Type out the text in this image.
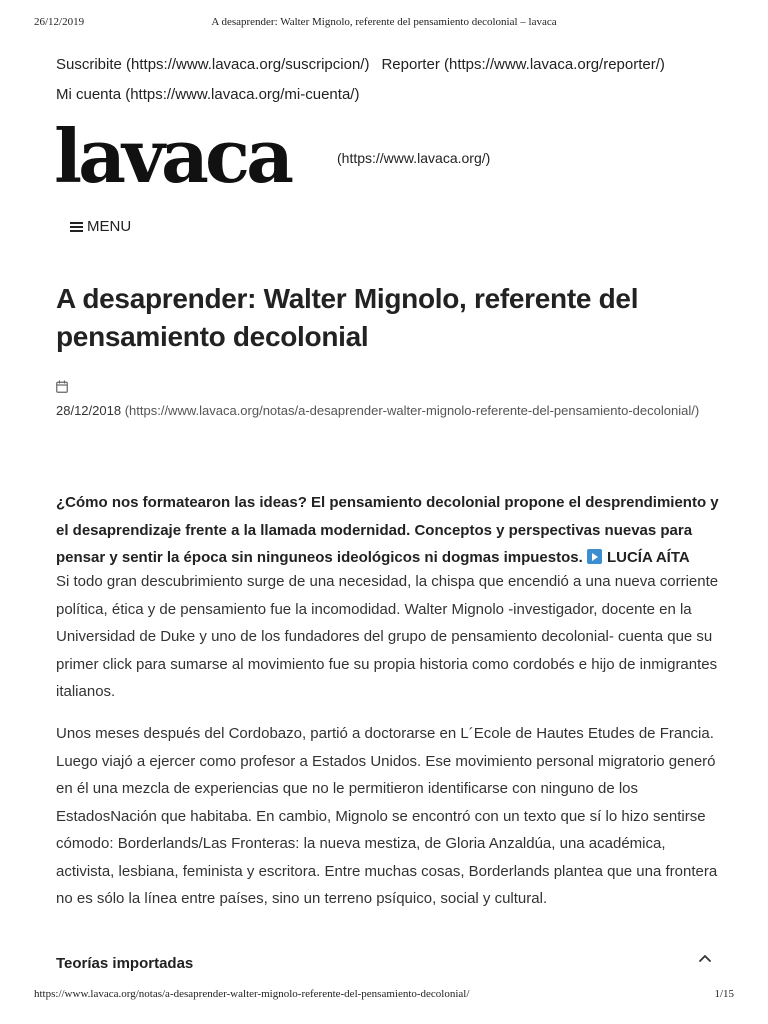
26/12/2019	A desaprender: Walter Mignolo, referente del pensamiento decolonial – lavaca
Suscribite (https://www.lavaca.org/suscripcion/) Reporter (https://www.lavaca.org/reporter/)
Mi cuenta (https://www.lavaca.org/mi-cuenta/)
lavaca	(https://www.lavaca.org/)
MENU
A desaprender: Walter Mignolo, referente del pensamiento decolonial
28/12/2018 (https://www.lavaca.org/notas/a-desaprender-walter-mignolo-referente-del-pensamiento-decolonial/)

¿Cómo nos formatearon las ideas? El pensamiento decolonial propone el desprendimiento y el desaprendizaje frente a la llamada modernidad. Conceptos y perspectivas nuevas para pensar y sentir la época sin ninguneos ideológicos ni dogmas impuestos. LUCÍA AÍTA

Si todo gran descubrimiento surge de una necesidad, la chispa que encendió a una nueva corriente política, ética y de pensamiento fue la incomodidad. Walter Mignolo -investigador, docente en la Universidad de Duke y uno de los fundadores del grupo de pensamiento decolonial- cuenta que su primer click para sumarse al movimiento fue su propia historia como cordobés e hijo de inmigrantes italianos.

Unos meses después del Cordobazo, partió a doctorarse en L´Ecole de Hautes Etudes de Francia. Luego viajó a ejercer como profesor a Estados Unidos. Ese movimiento personal migratorio generó en él una mezcla de experiencias que no le permitieron identificarse con ninguno de los EstadosNación que habitaba. En cambio, Mignolo se encontró con un texto que sí lo hizo sentirse cómodo: Borderlands/Las Fronteras: la nueva mestiza, de Gloria Anzaldúa, una académica, activista, lesbiana, feminista y escritora. Entre muchas cosas, Borderlands plantea que una frontera no es sólo la línea entre países, sino un terreno psíquico, social y cultural.

Teorías importadas
https://www.lavaca.org/notas/a-desaprender-walter-mignolo-referente-del-pensamiento-decolonial/	1/15
